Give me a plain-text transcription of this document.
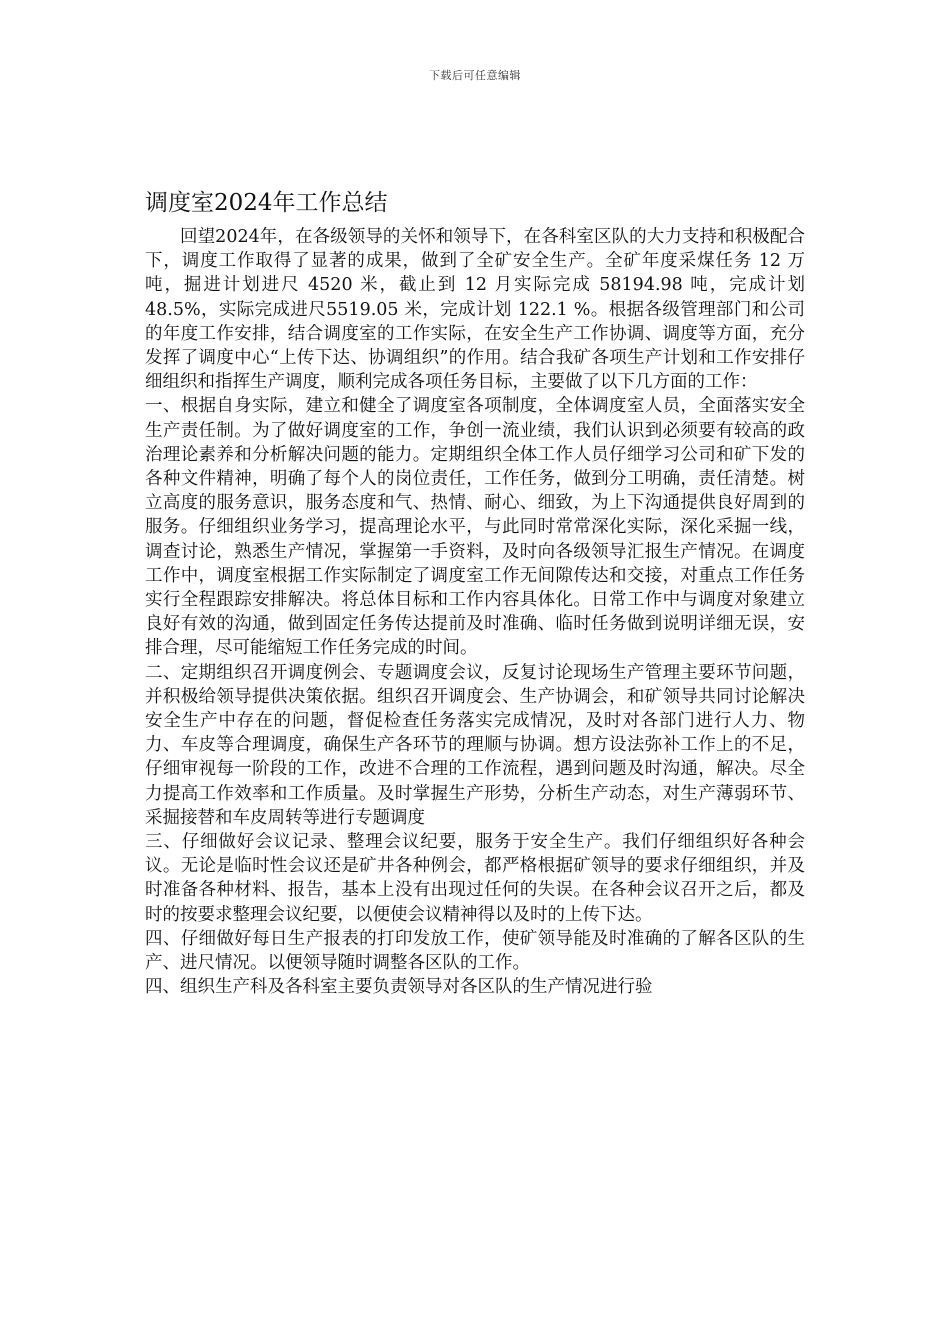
下载后可任意编辑
调度室2024年工作总结

回望2024年，在各级领导的关怀和领导下，在各科室区队的大力支持和积极配合下，调度工作取得了显著的成果，做到了全矿安全生产。全矿年度采煤任务 12 万吨，掘进计划进尺 4520 米，截止到 12 月实际完成 58194.98 吨，完成计划 48.5%，实际完成进尺5519.05 米，完成计划 122.1 %。根据各级管理部门和公司的年度工作安排，结合调度室的工作实际，在安全生产工作协调、调度等方面，充分发挥了调度中心“上传下达、协调组织”的作用。结合我矿各项生产计划和工作安排仔细组织和指挥生产调度，顺利完成各项任务目标，主要做了以下几方面的工作：

一、根据自身实际，建立和健全了调度室各项制度，全体调度室人员，全面落实安全生产责任制。为了做好调度室的工作，争创一流业绩，我们认识到必须要有较高的政治理论素养和分析解决问题的能力。定期组织全体工作人员仔细学习公司和矿下发的各种文件精神，明确了每个人的岗位责任，工作任务，做到分工明确，责任清楚。树立高度的服务意识，服务态度和气、热情、耐心、细致，为上下沟通提供良好周到的服务。仔细组织业务学习，提高理论水平，与此同时常常深化实际，深化采掘一线，调查讨论，熟悉生产情况，掌握第一手资料，及时向各级领导汇报生产情况。在调度工作中，调度室根据工作实际制定了调度室工作无间隙传达和交接，对重点工作任务实行全程跟踪安排解决。将总体目标和工作内容具体化。日常工作中与调度对象建立良好有效的沟通，做到固定任务传达提前及时准确、临时任务做到说明详细无误，安排合理，尽可能缩短工作任务完成的时间。

二、定期组织召开调度例会、专题调度会议，反复讨论现场生产管理主要环节问题，并积极给领导提供决策依据。组织召开调度会、生产协调会，和矿领导共同讨论解决安全生产中存在的问题，督促检查任务落实完成情况，及时对各部门进行人力、物力、车皮等合理调度，确保生产各环节的理顺与协调。想方设法弥补工作上的不足，仔细审视每一阶段的工作，改进不合理的工作流程，遇到问题及时沟通，解决。尽全力提高工作效率和工作质量。及时掌握生产形势，分析生产动态，对生产薄弱环节、采掘接替和车皮周转等进行专题调度

三、仔细做好会议记录、整理会议纪要，服务于安全生产。我们仔细组织好各种会议。无论是临时性会议还是矿井各种例会，都严格根据矿领导的要求仔细组织，并及时准备各种材料、报告，基本上没有出现过任何的失误。在各种会议召开之后，都及时的按要求整理会议纪要，以便使会议精神得以及时的上传下达。

四、仔细做好每日生产报表的打印发放工作，使矿领导能及时准确的了解各区队的生产、进尺情况。以便领导随时调整各区队的工作。

四、组织生产科及各科室主要负责领导对各区队的生产情况进行验
